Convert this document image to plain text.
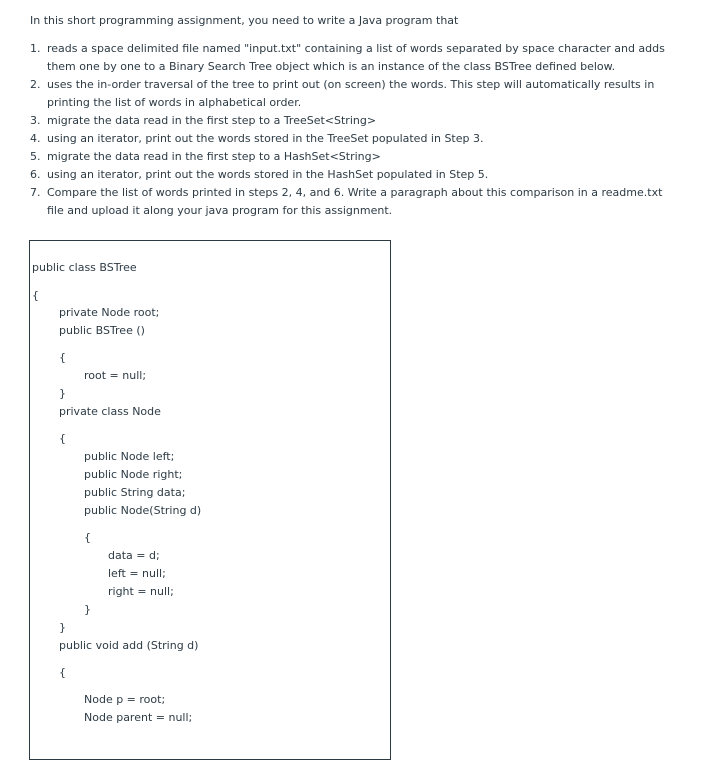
In this short programming assignment, you need to write a Java program that

1. reads a space delimited file named "input.txt" containing a list of words separated by space character and adds them one by one to a Binary Search Tree object which is an instance of the class BSTree defined below.
2. uses the in-order traversal of the tree to print out (on screen) the words. This step will automatically results in printing the list of words in alphabetical order.
3. migrate the data read in the first step to a TreeSet<String>
4. using an iterator, print out the words stored in the TreeSet populated in Step 3.
5. migrate the data read in the first step to a HashSet<String>
6. using an iterator, print out the words stored in the HashSet populated in Step 5.
7. Compare the list of words printed in steps 2, 4, and 6. Write a paragraph about this comparison in a readme.txt file and upload it along your java program for this assignment.
public class BSTree
{
private Node root;
public BSTree ()
{
root = null;
}
private class Node
{
public Node left;
public Node right;
public String data;
public Node(String d)
{
data = d;
left = null;
right = null;
}
}
public void add (String d)
{
Node p = root;
Node parent = null;
